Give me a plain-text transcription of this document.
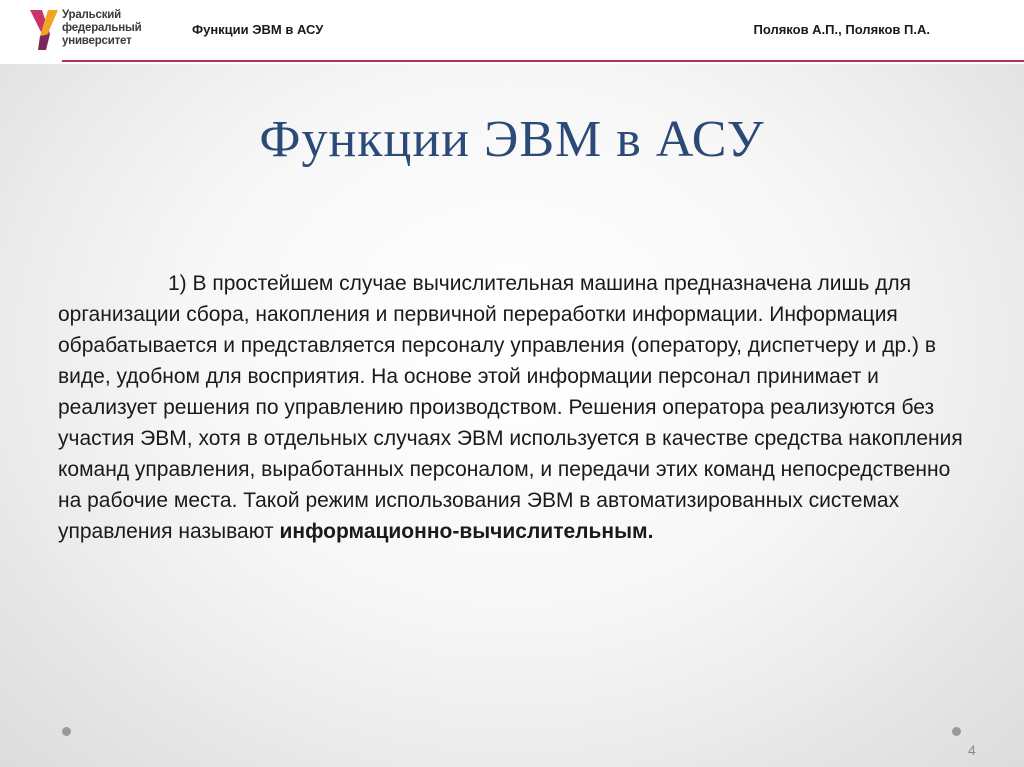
Уральский
федеральный
университет
Функции ЭВМ в АСУ	Поляков А.П., Поляков П.А.
Функции ЭВМ в АСУ
1) В простейшем случае вычислительная машина предназначена лишь для организации сбора, накопления и первичной переработки информации. Информация обрабатывается и представляется персоналу управления (оператору, диспетчеру и др.) в виде, удобном для восприятия. На основе этой информации персонал принимает и реализует решения по управлению производством. Решения оператора реализуются без участия ЭВМ, хотя в отдельных случаях ЭВМ используется в качестве средства накопления команд управления, выработанных персоналом, и передачи этих команд непосредственно на рабочие места. Такой режим использования ЭВМ в автоматизированных системах управления называют информационно-вычислительным.
4
